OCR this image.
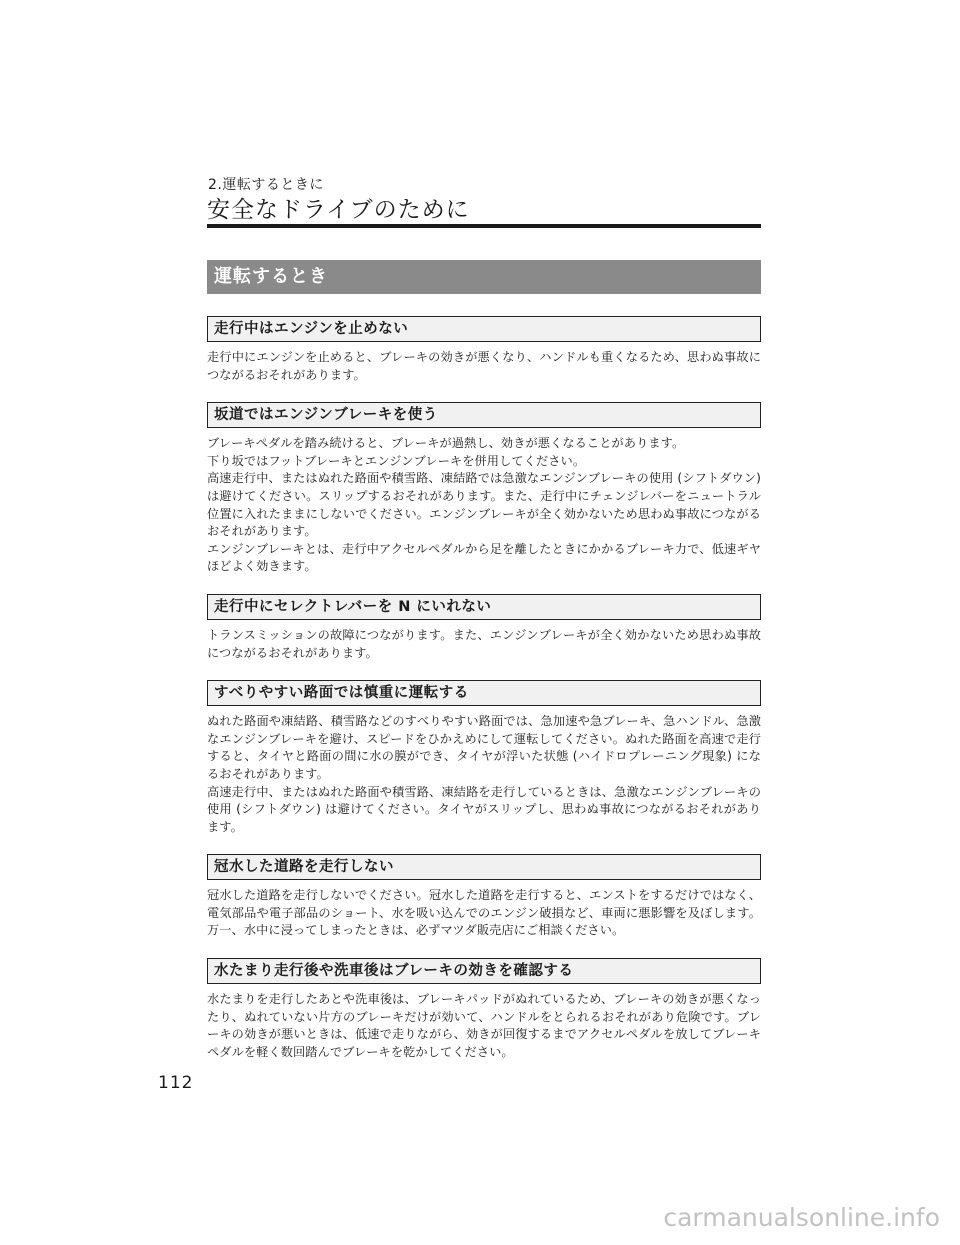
2.運転するときに
安全なドライブのために
運転するとき
走行中はエンジンを止めない

走行中にエンジンを止めると、ブレーキの効きが悪くなり、ハンドルも重くなるため、思わぬ事故につながるおそれがあります。

坂道ではエンジンブレーキを使う

ブレーキペダルを踏み続けると、ブレーキが過熱し、効きが悪くなることがあります。

下り坂ではフットブレーキとエンジンブレーキを併用してください。

高速走行中、またはぬれた路面や積雪路、凍結路では急激なエンジンブレーキの使用 (シフトダウン) は避けてください。スリップするおそれがあります。また、走行中にチェンジレバーをニュートラル位置に入れたままにしないでください。エンジンブレーキが全く効かないため思わぬ事故につながるおそれがあります。

エンジンブレーキとは、走行中アクセルペダルから足を離したときにかかるブレーキ力で、低速ギヤほどよく効きます。

走行中にセレクトレバーを N にいれない

トランスミッションの故障につながります。また、エンジンブレーキが全く効かないため思わぬ事故につながるおそれがあります。

すべりやすい路面では慎重に運転する

ぬれた路面や凍結路、積雪路などのすべりやすい路面では、急加速や急ブレーキ、急ハンドル、急激なエンジンブレーキを避け、スピードをひかえめにして運転してください。ぬれた路面を高速で走行すると、タイヤと路面の間に水の膜ができ、タイヤが浮いた状態 (ハイドロプレーニング現象) になるおそれがあります。

高速走行中、またはぬれた路面や積雪路、凍結路を走行しているときは、急激なエンジンブレーキの使用 (シフトダウン) は避けてください。タイヤがスリップし、思わぬ事故につながるおそれがあります。

冠水した道路を走行しない

冠水した道路を走行しないでください。冠水した道路を走行すると、エンストをするだけではなく、電気部品や電子部品のショート、水を吸い込んでのエンジン破損など、車両に悪影響を及ぼします。万一、水中に浸ってしまったときは、必ずマツダ販売店にご相談ください。

水たまり走行後や洗車後はブレーキの効きを確認する

水たまりを走行したあとや洗車後は、ブレーキパッドがぬれているため、ブレーキの効きが悪くなったり、ぬれていない片方のブレーキだけが効いて、ハンドルをとられるおそれがあり危険です。ブレーキの効きが悪いときは、低速で走りながら、効きが回復するまでアクセルペダルを放してブレーキペダルを軽く数回踏んでブレーキを乾かしてください。

112
carmanualsonline.info
